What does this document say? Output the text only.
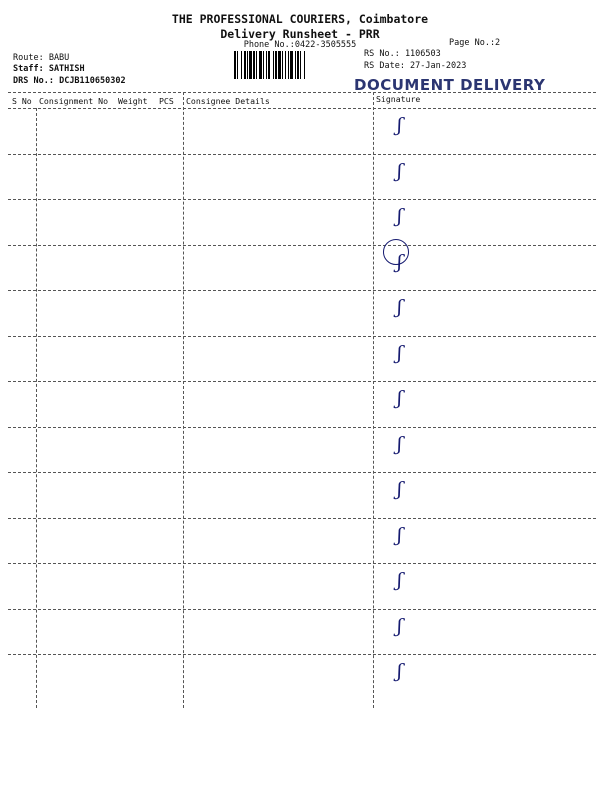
THE PROFESSIONAL COURIERS, Coimbatore
Delivery Runsheet - PRR
Phone No.:0422-3505555	Page No.:2
Route: BABU
Staff: SATHISH
DRS No.: DCJB110650302
RS No.: 1106503
RS Date: 27-Jan-2023
DOCUMENT DELIVERY
S No Consignment No Weight PCS Consignee Details	Signature
ʃ
ʃ
ʃ
ʃ
ʃ
ʃ
ʃ
ʃ
ʃ
ʃ
ʃ
ʃ
ʃ
